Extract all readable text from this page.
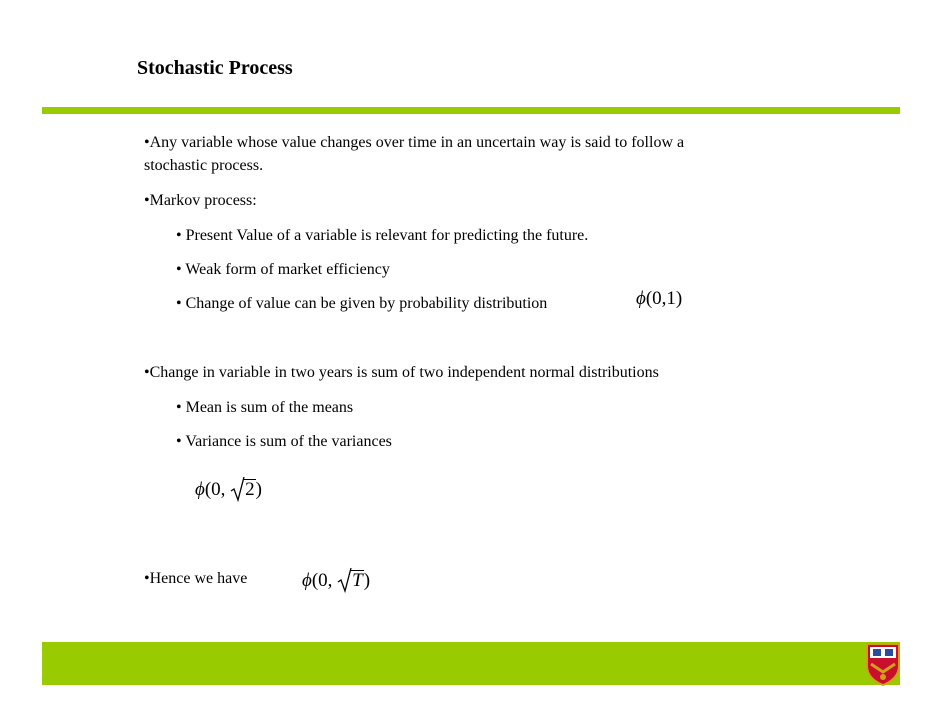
Stochastic Process
•Any variable whose value changes over time in an uncertain way is said to follow a
stochastic process.
•Markov process:
• Present Value of a variable is relevant for predicting the future.
• Weak form of market efficiency
• Change of value can be given by probability distribution	ϕ(0,1)
•Change in variable in two years is sum of two independent normal distributions
• Mean is sum of the means
• Variance is sum of the variances
ϕ(0, 2)
•Hence we have	ϕ(0, T)
